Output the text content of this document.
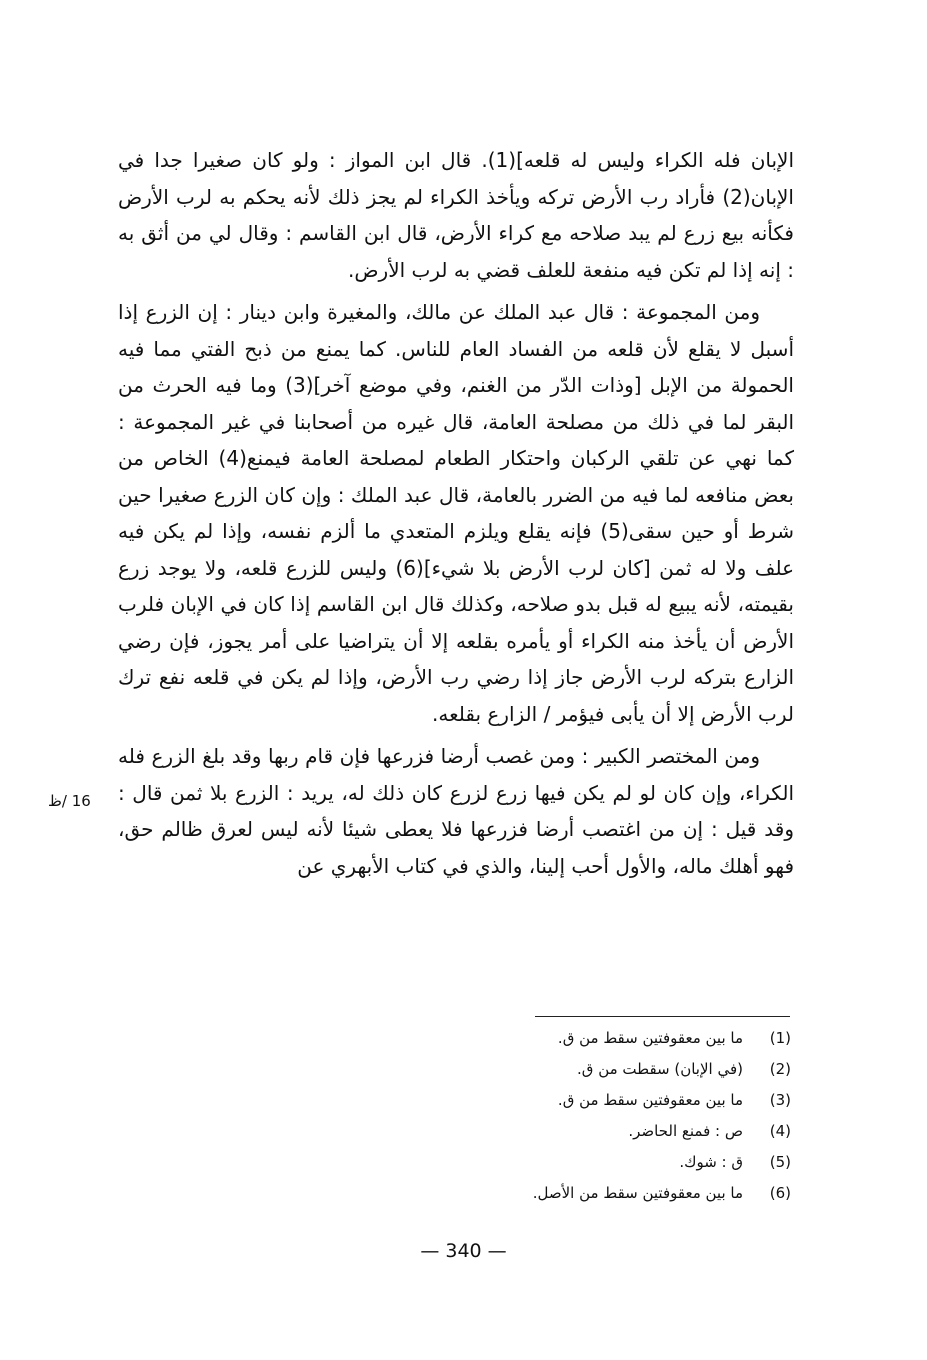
الإبان فله الكراء وليس له قلعه](1). قال ابن المواز : ولو كان صغيرا جدا في الإبان(2) فأراد رب الأرض تركه ويأخذ الكراء لم يجز ذلك لأنه يحكم به لرب الأرض فكأنه بيع زرع لم يبد صلاحه مع كراء الأرض، قال ابن القاسم : وقال لي من أثق به : إنه إذا لم تكن فيه منفعة للعلف قضي به لرب الأرض.

ومن المجموعة : قال عبد الملك عن مالك، والمغيرة وابن دينار : إن الزرع إذا أسبل لا يقلع لأن قلعه من الفساد العام للناس. كما يمنع من ذبح الفتي مما فيه الحمولة من الإبل [وذات الدّر من الغنم، وفي موضع آخر](3) وما فيه الحرث من البقر لما في ذلك من مصلحة العامة، قال غيره من أصحابنا في غير المجموعة : كما نهي عن تلقي الركبان واحتكار الطعام لمصلحة العامة فيمنع(4) الخاص من بعض منافعه لما فيه من الضرر بالعامة، قال عبد الملك : وإن كان الزرع صغيرا حين شرط أو حين سقى(5) فإنه يقلع ويلزم المتعدي ما ألزم نفسه، وإذا لم يكن فيه علف ولا له ثمن [كان لرب الأرض بلا شيء](6) وليس للزرع قلعه، ولا يوجد زرع بقيمته، لأنه يبيع له قبل بدو صلاحه، وكذلك قال ابن القاسم إذا كان في الإبان فلرب الأرض أن يأخذ منه الكراء أو يأمره بقلعه إلا أن يتراضيا على أمر يجوز، فإن رضي الزارع بتركه لرب الأرض جاز إذا رضي رب الأرض، وإذا لم يكن في قلعه نفع ترك لرب الأرض إلا أن يأبى فيؤمر / الزارع بقلعه.

ومن المختصر الكبير : ومن غصب أرضا فزرعها فإن قام ربها وقد بلغ الزرع فله الكراء، وإن كان لو لم يكن فيها زرع لزرع كان ذلك له، يريد : الزرع بلا ثمن قال : وقد قيل : إن من اغتصب أرضا فزرعها فلا يعطى شيئا لأنه ليس لعرق ظالم حق، فهو أهلك ماله، والأول أحب إلينا، والذي في كتاب الأبهري عن

16 /ظ
(1)
ما بين معقوفتين سقط من ق.
(2)
(في الإبان) سقطت من ق.
(3)
ما بين معقوفتين سقط من ق.
(4)
ص : فمنع الحاضر.
(5)
ق : شوك.
(6)
ما بين معقوفتين سقط من الأصل.
— 340 —
